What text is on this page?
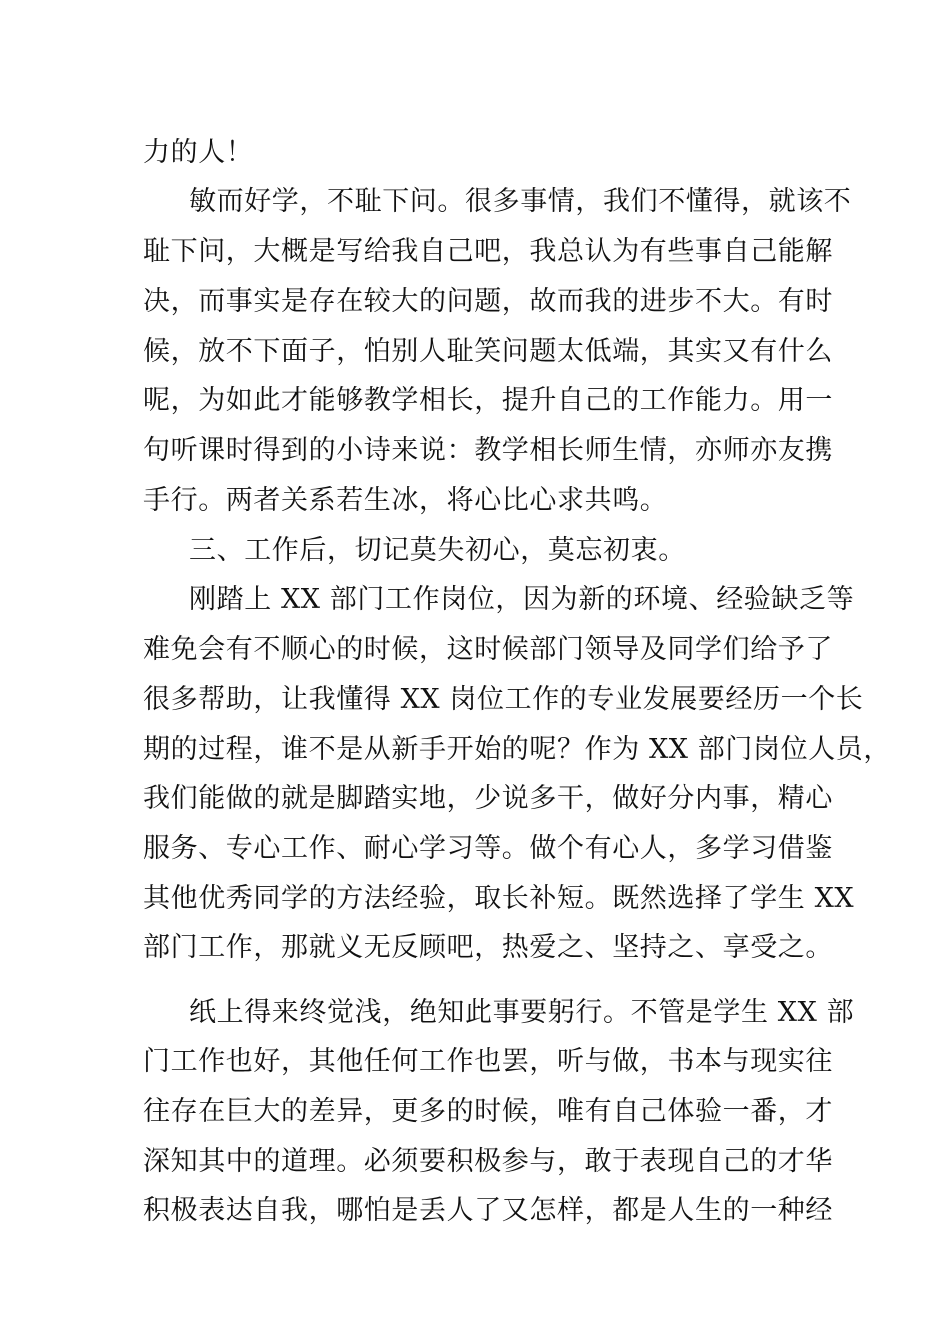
力的人！
敏而好学，不耻下问。很多事情，我们不懂得，就该不
耻下问，大概是写给我自己吧，我总认为有些事自己能解
决，而事实是存在较大的问题，故而我的进步不大。有时
候，放不下面子，怕别人耻笑问题太低端，其实又有什么
呢，为如此才能够教学相长，提升自己的工作能力。用一
句听课时得到的小诗来说：教学相长师生情，亦师亦友携
手行。两者关系若生冰，将心比心求共鸣。
三、工作后，切记莫失初心，莫忘初衷。
刚踏上 XX 部门工作岗位，因为新的环境、经验缺乏等
难免会有不顺心的时候，这时候部门领导及同学们给予了
很多帮助，让我懂得 XX 岗位工作的专业发展要经历一个长
期的过程，谁不是从新手开始的呢？作为 XX 部门岗位人员，
我们能做的就是脚踏实地，少说多干，做好分内事，精心
服务、专心工作、耐心学习等。做个有心人，多学习借鉴
其他优秀同学的方法经验，取长补短。既然选择了学生 XX
部门工作，那就义无反顾吧，热爱之、坚持之、享受之。
纸上得来终觉浅，绝知此事要躬行。不管是学生 XX 部
门工作也好，其他任何工作也罢，听与做，书本与现实往
往存在巨大的差异，更多的时候，唯有自己体验一番，才
深知其中的道理。必须要积极参与，敢于表现自己的才华
积极表达自我，哪怕是丢人了又怎样，都是人生的一种经
